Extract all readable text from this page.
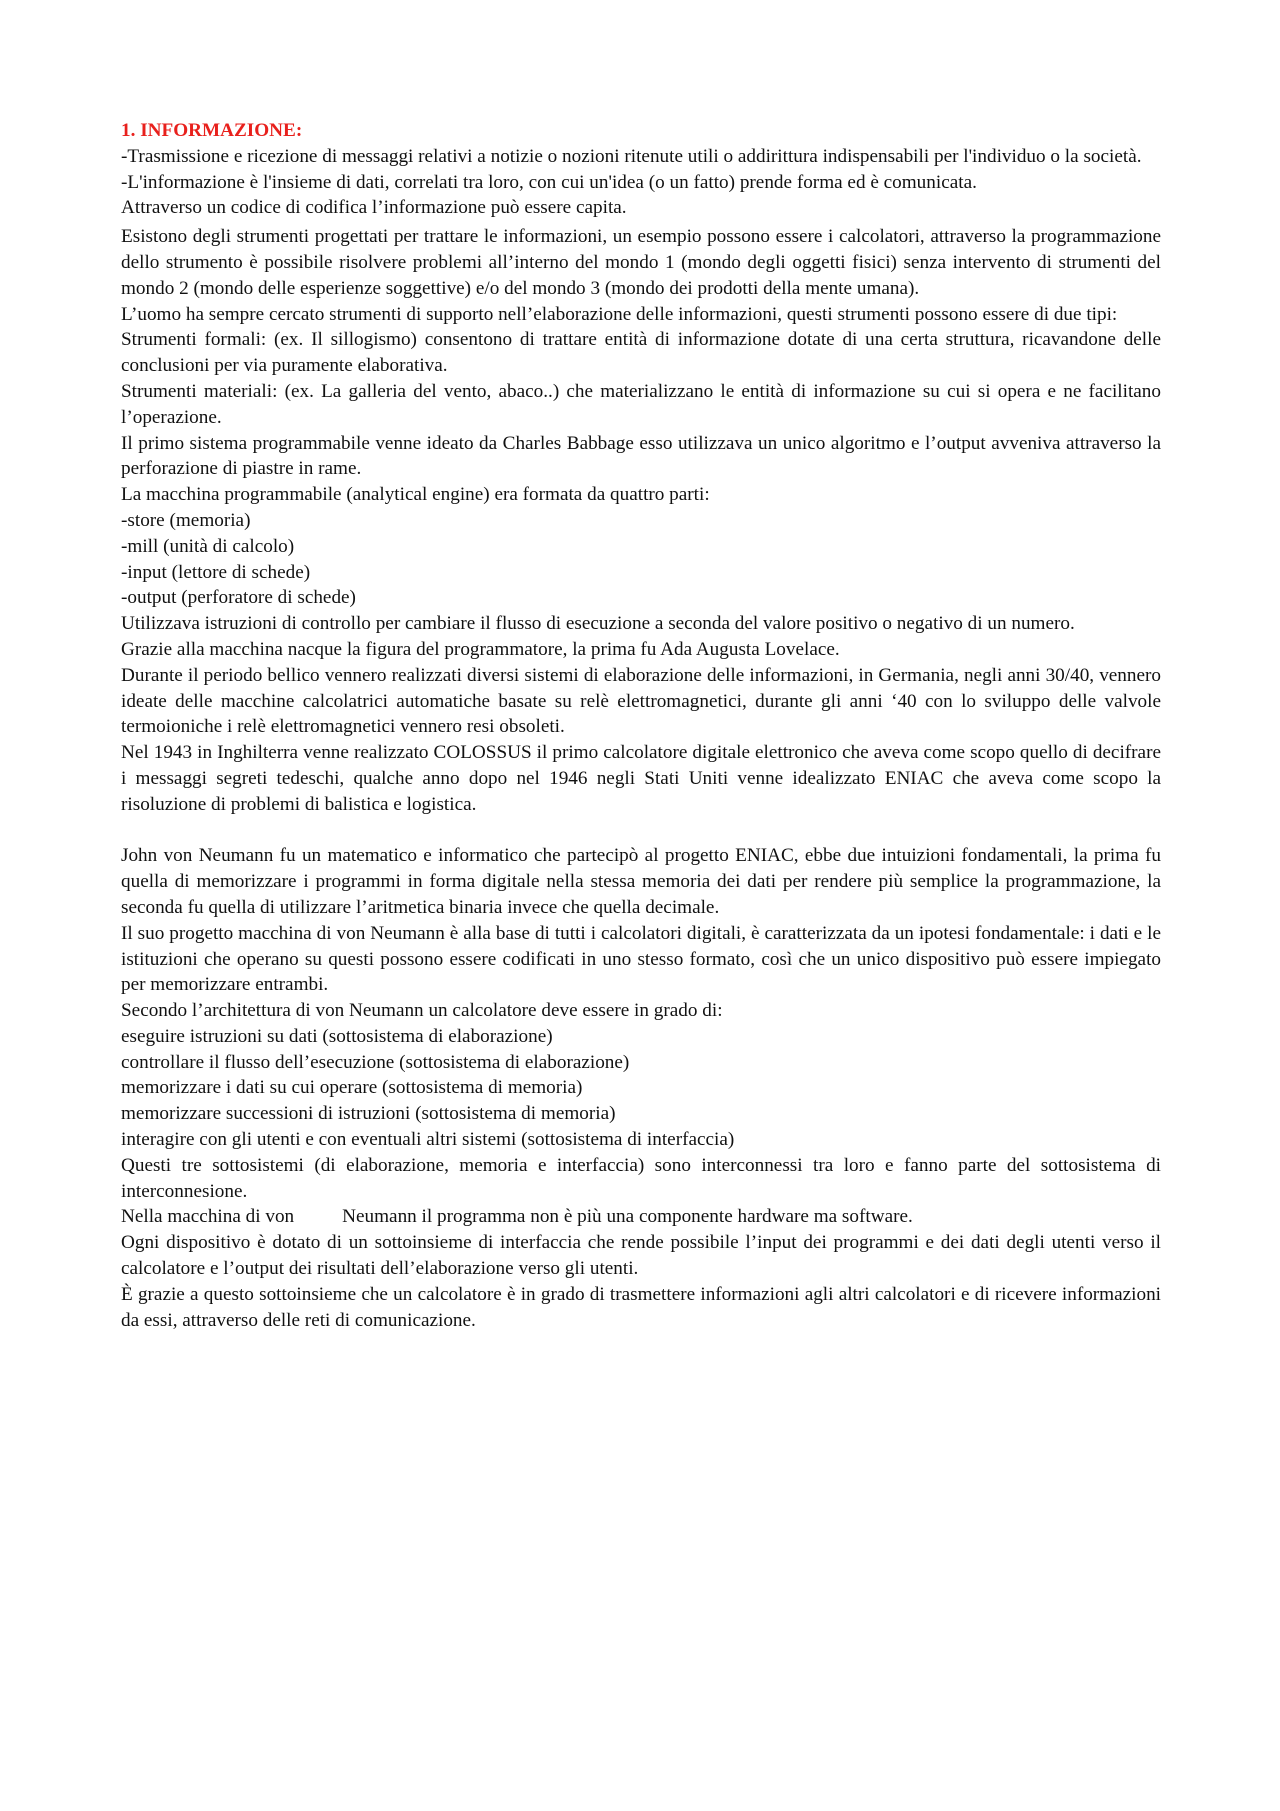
1. INFORMAZIONE:

-Trasmissione e ricezione di messaggi relativi a notizie o nozioni ritenute utili o addirittura indispensabili per l'individuo o la società.

-L'informazione è l'insieme di dati, correlati tra loro, con cui un'idea (o un fatto) prende forma ed è comunicata.

Attraverso un codice di codifica l’informazione può essere capita.

Esistono degli strumenti progettati per trattare le informazioni, un esempio possono essere i calcolatori, attraverso la programmazione dello strumento è possibile risolvere problemi all’interno del mondo 1 (mondo degli oggetti fisici) senza intervento di strumenti del mondo 2 (mondo delle esperienze soggettive) e/o del mondo 3 (mondo dei prodotti della mente umana).

L’uomo ha sempre cercato strumenti di supporto nell’elaborazione delle informazioni, questi strumenti possono essere di due tipi:

Strumenti formali: (ex. Il sillogismo) consentono di trattare entità di informazione dotate di una certa struttura, ricavandone delle conclusioni per via puramente elaborativa.

Strumenti materiali: (ex. La galleria del vento, abaco..) che materializzano le entità di informazione su cui si opera e ne facilitano l’operazione.

Il primo sistema programmabile venne ideato da Charles Babbage esso utilizzava un unico algoritmo e l’output avveniva attraverso la perforazione di piastre in rame.

La macchina programmabile (analytical engine) era formata da quattro parti:

-store (memoria)

-mill (unità di calcolo)

-input (lettore di schede)

-output (perforatore di schede)

Utilizzava istruzioni di controllo per cambiare il flusso di esecuzione a seconda del valore positivo o negativo di un numero.

Grazie alla macchina nacque la figura del programmatore, la prima fu Ada Augusta Lovelace.

Durante il periodo bellico vennero realizzati diversi sistemi di elaborazione delle informazioni, in Germania, negli anni 30/40, vennero ideate delle macchine calcolatrici automatiche basate su relè elettromagnetici, durante gli anni ‘40 con lo sviluppo delle valvole termoioniche i relè elettromagnetici vennero resi obsoleti.

Nel 1943 in Inghilterra venne realizzato COLOSSUS il primo calcolatore digitale elettronico che aveva come scopo quello di decifrare i messaggi segreti tedeschi, qualche anno dopo nel 1946 negli Stati Uniti venne idealizzato ENIAC che aveva come scopo la risoluzione di problemi di balistica e logistica.

John von Neumann fu un matematico e informatico che partecipò al progetto ENIAC, ebbe due intuizioni fondamentali, la prima fu quella di memorizzare i programmi in forma digitale nella stessa memoria dei dati per rendere più semplice la programmazione, la seconda fu quella di utilizzare l’aritmetica binaria invece che quella decimale.

Il suo progetto macchina di von Neumann è alla base di tutti i calcolatori digitali, è caratterizzata da un ipotesi fondamentale: i dati e le istituzioni che operano su questi possono essere codificati in uno stesso formato, così che un unico dispositivo può essere impiegato per memorizzare entrambi.

Secondo l’architettura di von Neumann un calcolatore deve essere in grado di:

eseguire istruzioni su dati (sottosistema di elaborazione)

controllare il flusso dell’esecuzione (sottosistema di elaborazione)

memorizzare i dati su cui operare (sottosistema di memoria)

memorizzare successioni di istruzioni (sottosistema di memoria)

interagire con gli utenti e con eventuali altri sistemi (sottosistema di interfaccia)

Questi tre sottosistemi (di elaborazione, memoria e interfaccia) sono interconnessi tra loro e fanno parte del sottosistema di interconnesione.

Nella macchina di von	Neumann il programma non è più una componente hardware ma software.

Ogni dispositivo è dotato di un sottoinsieme di interfaccia che rende possibile l’input dei programmi e dei dati degli utenti verso il calcolatore e l’output dei risultati dell’elaborazione verso gli utenti.

È grazie a questo sottoinsieme che un calcolatore è in grado di trasmettere informazioni agli altri calcolatori e di ricevere informazioni da essi, attraverso delle reti di comunicazione.
